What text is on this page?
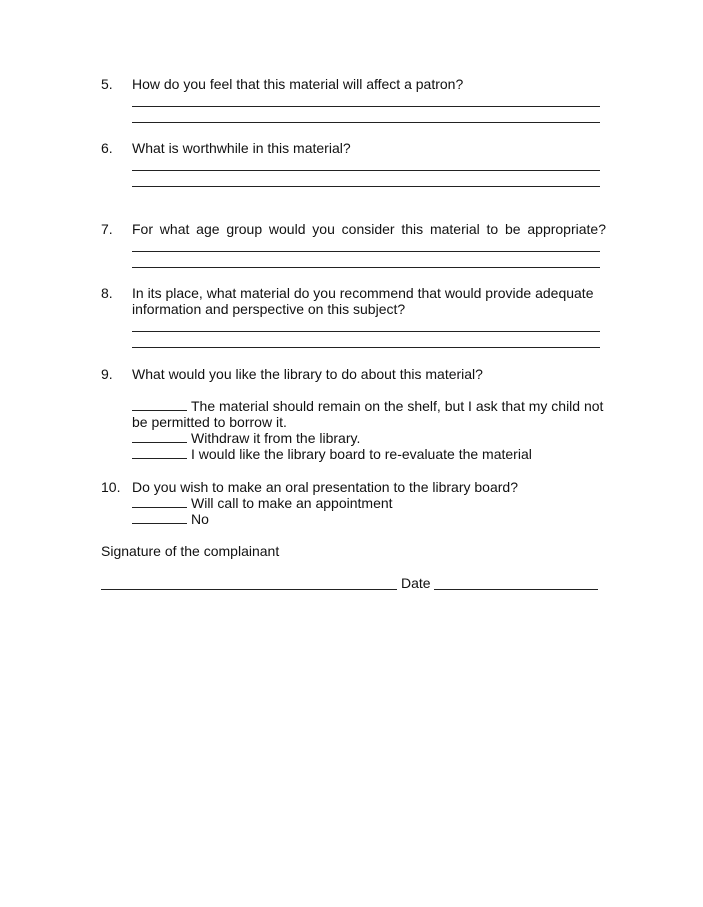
5. How do you feel that this material will affect a patron?
6. What is worthwhile in this material?
7. For what age group would you consider this material to be appropriate?
8. In its place, what material do you recommend that would provide adequate information and perspective on this subject?
9. What would you like the library to do about this material?
The material should remain on the shelf, but I ask that my child not be permitted to borrow it.
Withdraw it from the library.
I would like the library board to re-evaluate the material
10. Do you wish to make an oral presentation to the library board?
Will call to make an appointment
No
Signature of the complainant
Date
